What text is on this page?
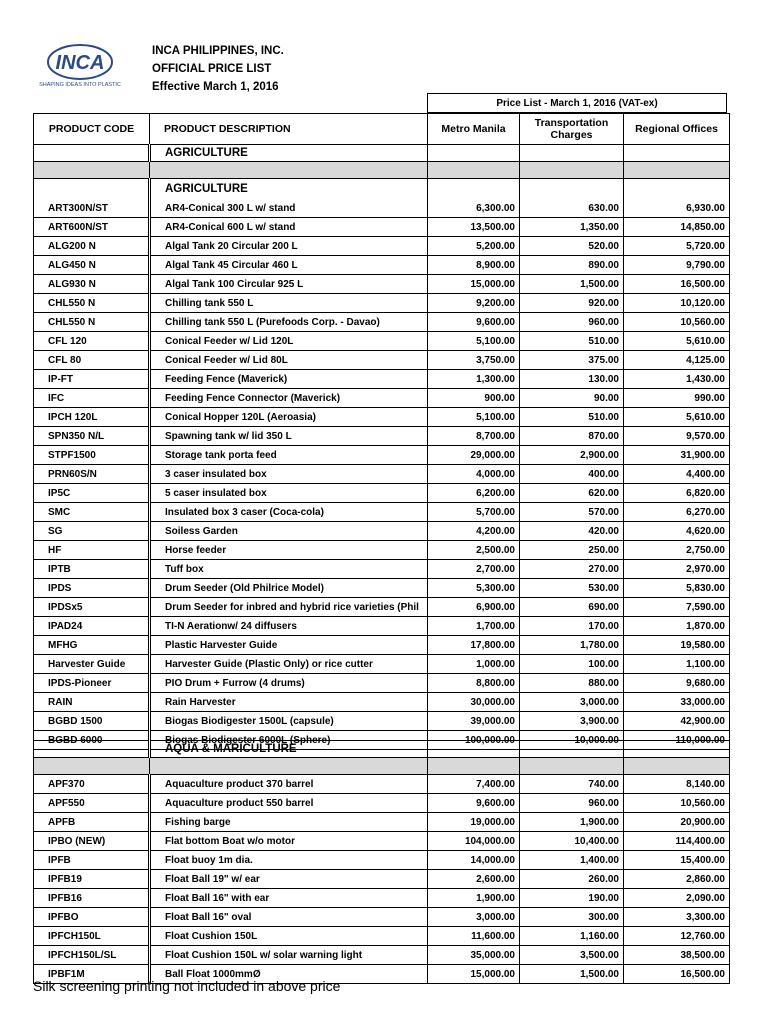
INCA
SHAPING IDEAS INTO PLASTIC
INCA PHILIPPINES, INC.
OFFICIAL PRICE LIST
Effective March 1, 2016
Price List - March 1, 2016 (VAT-ex)
PRODUCT CODE	PRODUCT DESCRIPTION	Metro Manila	Transportation Charges	Regional Offices
	AGRICULTURE			

	AGRICULTURE			
ART300N/ST	AR4-Conical 300 L w/ stand	6,300.00	630.00	6,930.00
ART600N/ST	AR4-Conical 600 L w/ stand	13,500.00	1,350.00	14,850.00
ALG200 N	Algal Tank 20 Circular 200 L	5,200.00	520.00	5,720.00
ALG450 N	Algal Tank 45 Circular 460 L	8,900.00	890.00	9,790.00
ALG930 N	Algal Tank 100 Circular 925 L	15,000.00	1,500.00	16,500.00
CHL550 N	Chilling tank 550 L	9,200.00	920.00	10,120.00
CHL550 N	Chilling tank 550 L (Purefoods Corp. - Davao)	9,600.00	960.00	10,560.00
CFL 120	Conical Feeder w/ Lid 120L	5,100.00	510.00	5,610.00
CFL 80	Conical Feeder w/ Lid 80L	3,750.00	375.00	4,125.00
IP-FT	Feeding Fence (Maverick)	1,300.00	130.00	1,430.00
IFC	Feeding Fence Connector (Maverick)	900.00	90.00	990.00
IPCH 120L	Conical Hopper 120L (Aeroasia)	5,100.00	510.00	5,610.00
SPN350 N/L	Spawning tank w/ lid 350 L	8,700.00	870.00	9,570.00
STPF1500	Storage tank porta feed	29,000.00	2,900.00	31,900.00
PRN60S/N	3 caser insulated box	4,000.00	400.00	4,400.00
IP5C	5 caser insulated box	6,200.00	620.00	6,820.00
SMC	Insulated box 3 caser (Coca-cola)	5,700.00	570.00	6,270.00
SG	Soiless Garden	4,200.00	420.00	4,620.00
HF	Horse feeder	2,500.00	250.00	2,750.00
IPTB	Tuff box	2,700.00	270.00	2,970.00
IPDS	Drum Seeder (Old Philrice Model)	5,300.00	530.00	5,830.00
IPDSx5	Drum Seeder for inbred and hybrid rice varieties (Phil	6,900.00	690.00	7,590.00
IPAD24	TI-N Aerationw/ 24 diffusers	1,700.00	170.00	1,870.00
MFHG	Plastic Harvester Guide	17,800.00	1,780.00	19,580.00
Harvester Guide	Harvester Guide (Plastic Only) or rice cutter	1,000.00	100.00	1,100.00
IPDS-Pioneer	PIO Drum + Furrow (4 drums)	8,800.00	880.00	9,680.00
RAIN	Rain Harvester	30,000.00	3,000.00	33,000.00
BGBD 1500	Biogas Biodigester 1500L (capsule)	39,000.00	3,900.00	42,900.00
BGBD 6000	Biogas Biodigester 6000L (Sphere)	100,000.00	10,000.00	110,000.00
	AQUA & MARICULTURE			

APF370	Aquaculture product 370 barrel	7,400.00	740.00	8,140.00
APF550	Aquaculture product 550 barrel	9,600.00	960.00	10,560.00
APFB	Fishing barge	19,000.00	1,900.00	20,900.00
IPBO (NEW)	Flat bottom Boat w/o motor	104,000.00	10,400.00	114,400.00
IPFB	Float buoy 1m dia.	14,000.00	1,400.00	15,400.00
IPFB19	Float Ball 19" w/ ear	2,600.00	260.00	2,860.00
IPFB16	Float Ball 16" with ear	1,900.00	190.00	2,090.00
IPFBO	Float Ball 16" oval	3,000.00	300.00	3,300.00
IPFCH150L	Float Cushion 150L	11,600.00	1,160.00	12,760.00
IPFCH150L/SL	Float Cushion 150L w/ solar warning light	35,000.00	3,500.00	38,500.00
IPBF1M	Ball Float 1000mmØ	15,000.00	1,500.00	16,500.00
Silk screening printing not included in above price
